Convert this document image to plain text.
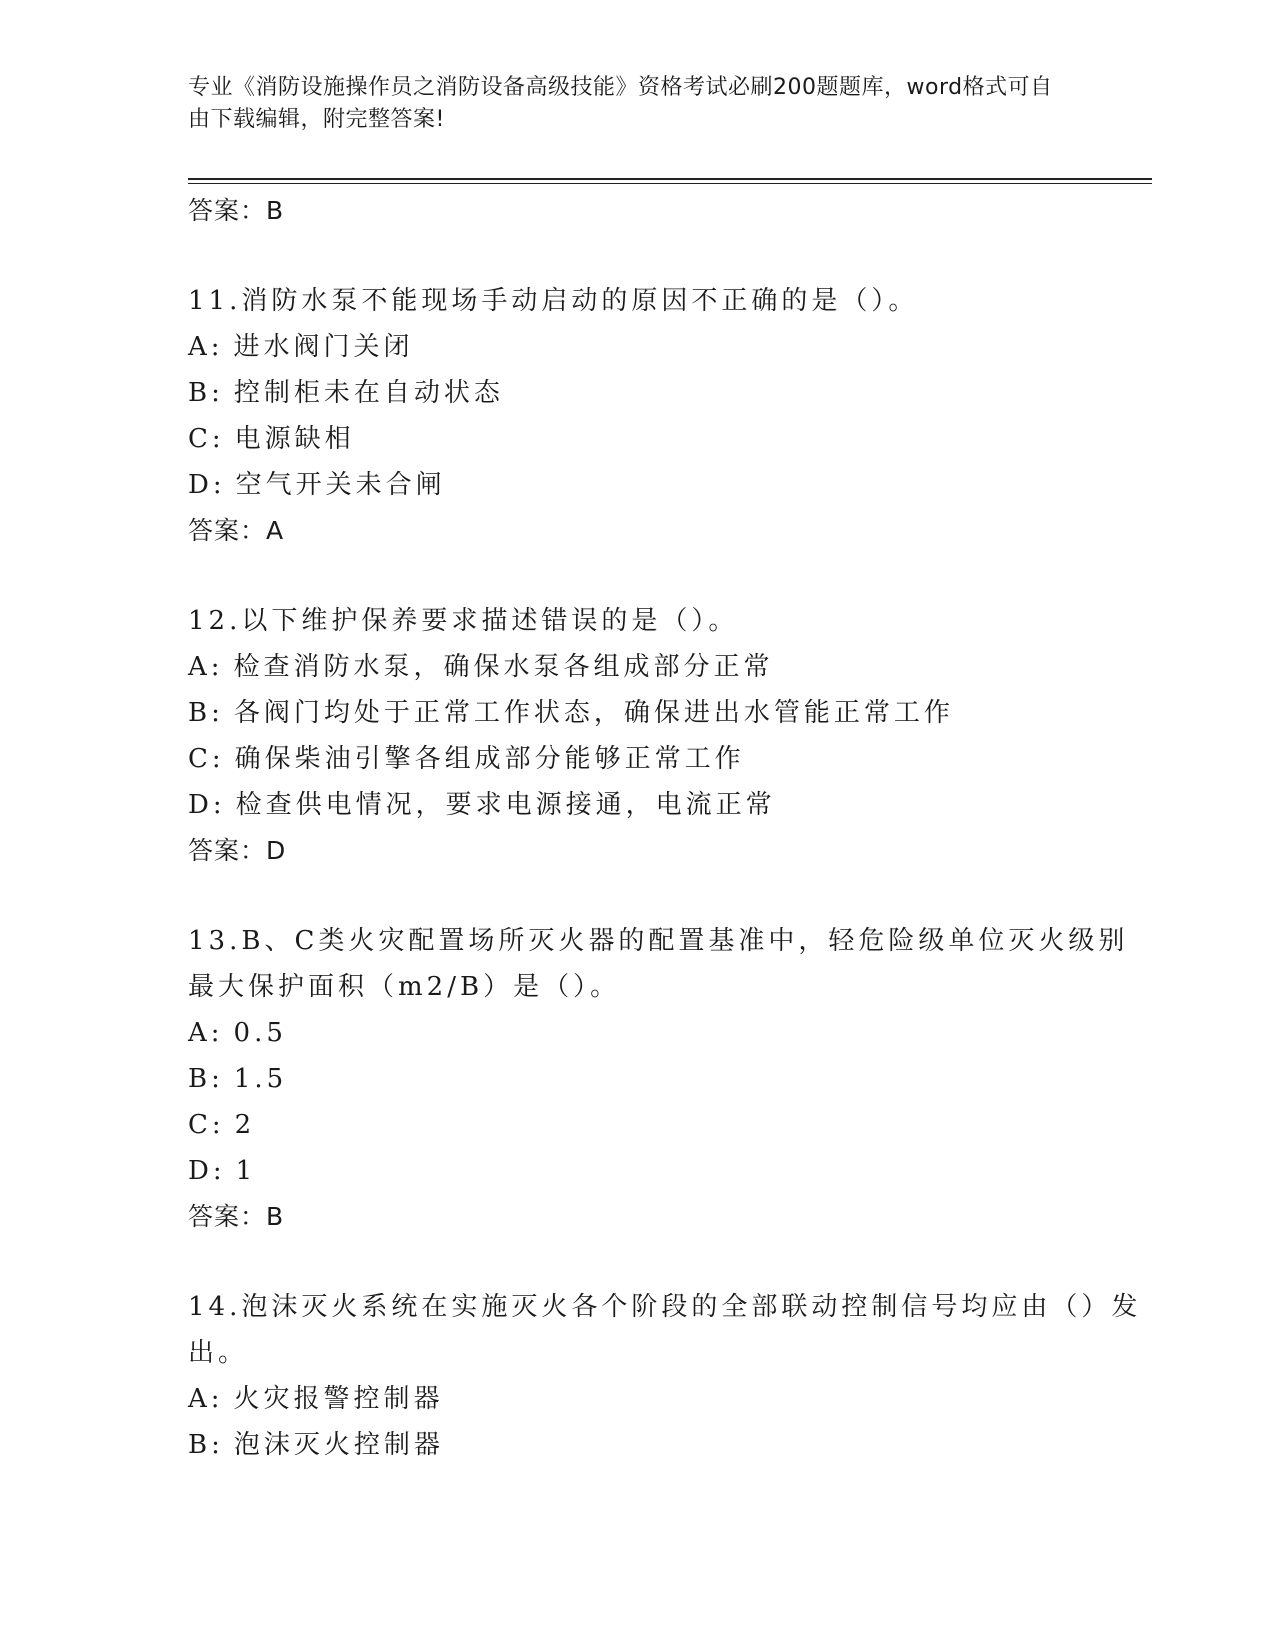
专业《消防设施操作员之消防设备高级技能》资格考试必刷200题题库，word格式可自由下载编辑，附完整答案!

答案：B

11.消防水泵不能现场手动启动的原因不正确的是（）。

A: 进水阀门关闭

B: 控制柜未在自动状态

C: 电源缺相

D: 空气开关未合闸

答案：A

12.以下维护保养要求描述错误的是（）。

A: 检查消防水泵，确保水泵各组成部分正常

B: 各阀门均处于正常工作状态，确保进出水管能正常工作

C: 确保柴油引擎各组成部分能够正常工作

D: 检查供电情况，要求电源接通，电流正常

答案：D

13.B、C类火灾配置场所灭火器的配置基准中，轻危险级单位灭火级别最大保护面积（m2/B）是（）。

A: 0.5

B: 1.5

C: 2

D: 1

答案：B

14.泡沫灭火系统在实施灭火各个阶段的全部联动控制信号均应由（）发出。

A: 火灾报警控制器

B: 泡沫灭火控制器
